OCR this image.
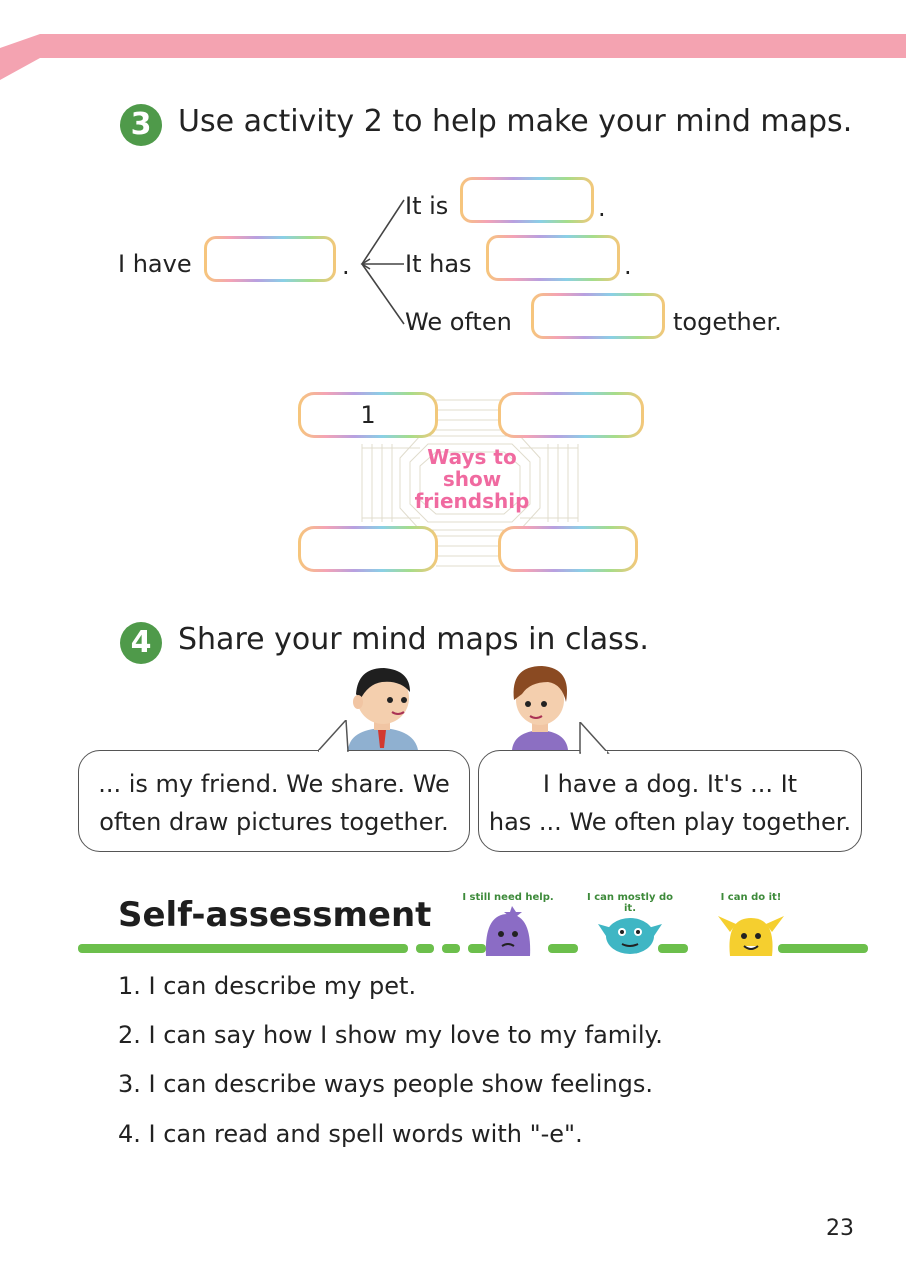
3 Use activity 2 to help make your mind maps.
I have	.
It is	.
It has	.
We often	together.
1
Ways to
show
friendship
4 Share your mind maps in class.
... is my friend. We share. We
often draw pictures together.
I have a dog. It's ... It
has ... We often play together.
Self-assessment	I still need help.	I can mostly do it.
I can do it!
1. I can describe my pet.
2. I can say how I show my love to my family.
3. I can describe ways people show feelings.
4. I can read and spell words with "-e".
23
